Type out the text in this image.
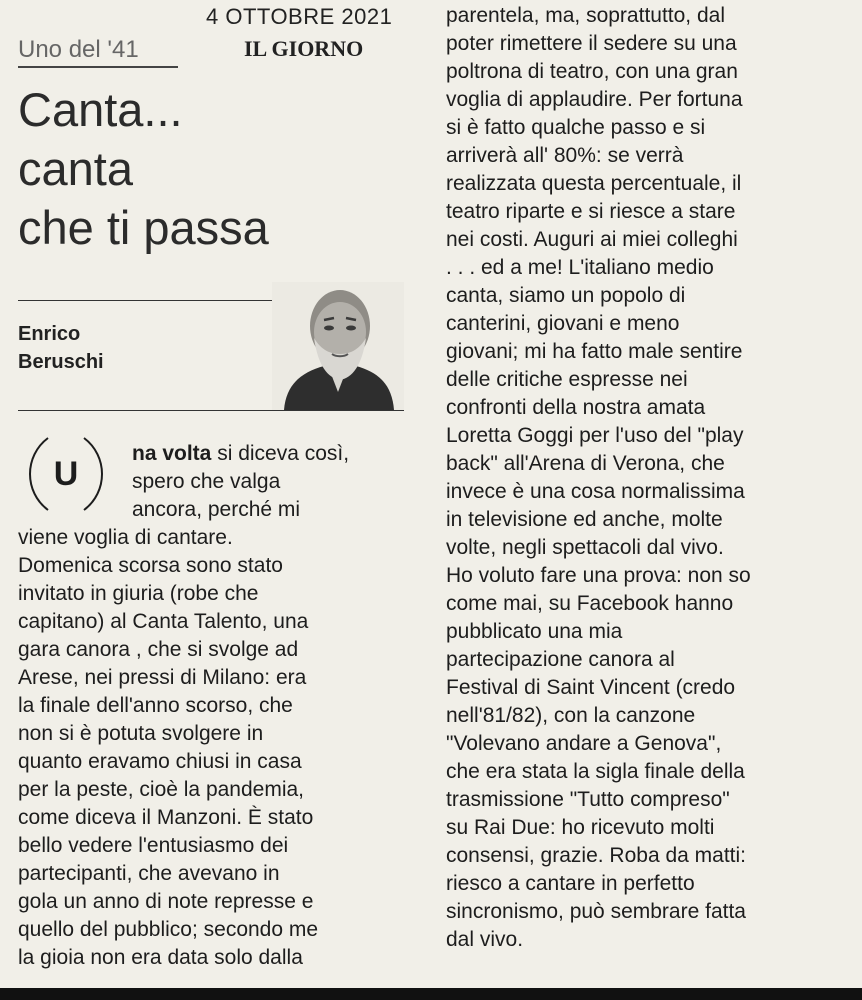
4 OTTOBRE 2021
Uno del '41	IL GIORNO
Canta...
canta
che ti passa
Enrico
Beruschi
U
na volta si diceva così,
spero che valga
ancora, perché mi
viene voglia di cantare.
Domenica scorsa sono stato
invitato in giuria (robe che
capitano) al Canta Talento, una
gara canora , che si svolge ad
Arese, nei pressi di Milano: era
la finale dell'anno scorso, che
non si è potuta svolgere in
quanto eravamo chiusi in casa
per la peste, cioè la pandemia,
come diceva il Manzoni. È stato
bello vedere l'entusiasmo dei
partecipanti, che avevano in
gola un anno di note represse e
quello del pubblico; secondo me
la gioia non era data solo dalla
parentela, ma, soprattutto, dal
poter rimettere il sedere su una
poltrona di teatro, con una gran
voglia di applaudire. Per fortuna
si è fatto qualche passo e si
arriverà all' 80%: se verrà
realizzata questa percentuale, il
teatro riparte e si riesce a stare
nei costi. Auguri ai miei colleghi
. . . ed a me! L'italiano medio
canta, siamo un popolo di
canterini, giovani e meno
giovani; mi ha fatto male sentire
delle critiche espresse nei
confronti della nostra amata
Loretta Goggi per l'uso del "play
back" all'Arena di Verona, che
invece è una cosa normalissima
in televisione ed anche, molte
volte, negli spettacoli dal vivo.
Ho voluto fare una prova: non so
come mai, su Facebook hanno
pubblicato una mia
partecipazione canora al
Festival di Saint Vincent (credo
nell'81/82), con la canzone
"Volevano andare a Genova",
che era stata la sigla finale della
trasmissione "Tutto compreso"
su Rai Due: ho ricevuto molti
consensi, grazie. Roba da matti:
riesco a cantare in perfetto
sincronismo, può sembrare fatta
dal vivo.
